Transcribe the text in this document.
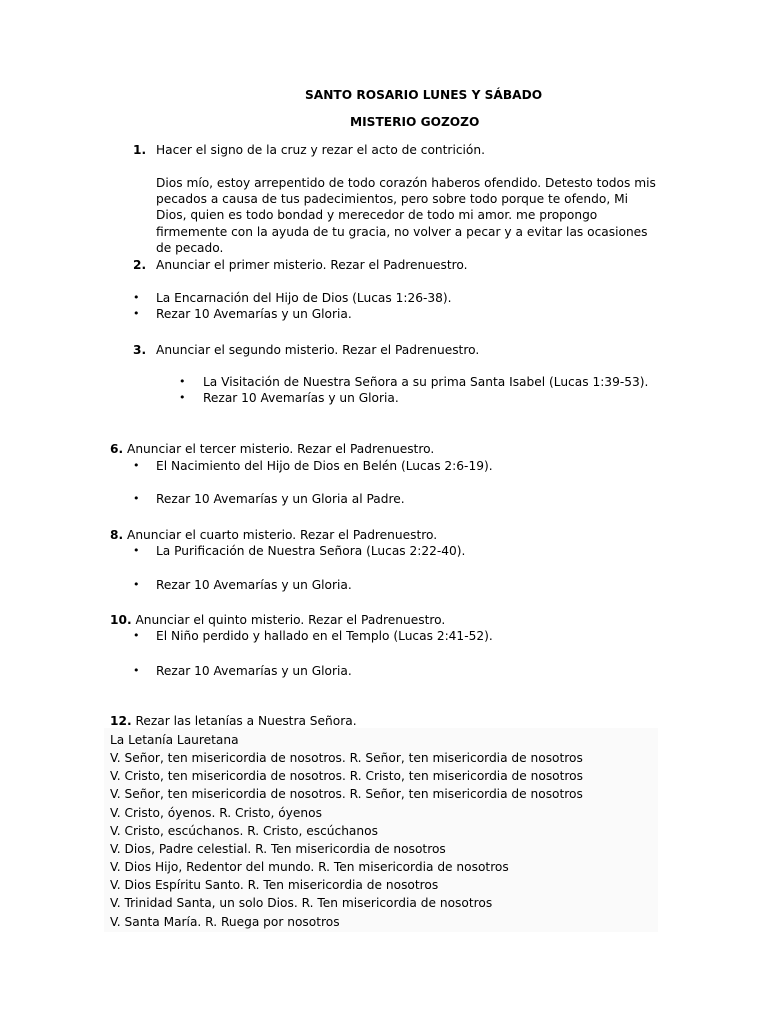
SANTO ROSARIO LUNES Y SÁBADO
MISTERIO GOZOZO
1. Hacer el signo de la cruz y rezar el acto de contrición.
Dios mío, estoy arrepentido de todo corazón haberos ofendido. Detesto todos mis pecados a causa de tus padecimientos, pero sobre todo porque te ofendo, Mi Dios, quien es todo bondad y merecedor de todo mi amor. me propongo firmemente con la ayuda de tu gracia, no volver a pecar y a evitar las ocasiones de pecado.
2. Anunciar el primer misterio. Rezar el Padrenuestro.
• La Encarnación del Hijo de Dios (Lucas 1:26-38).
• Rezar 10 Avemarías y un Gloria.
3. Anunciar el segundo misterio. Rezar el Padrenuestro.
• La Visitación de Nuestra Señora a su prima Santa Isabel (Lucas 1:39-53).
• Rezar 10 Avemarías y un Gloria.
6. Anunciar el tercer misterio. Rezar el Padrenuestro.
• El Nacimiento del Hijo de Dios en Belén (Lucas 2:6-19).
• Rezar 10 Avemarías y un Gloria al Padre.
8. Anunciar el cuarto misterio. Rezar el Padrenuestro.
• La Purificación de Nuestra Señora (Lucas 2:22-40).
• Rezar 10 Avemarías y un Gloria.
10. Anunciar el quinto misterio. Rezar el Padrenuestro.
• El Niño perdido y hallado en el Templo (Lucas 2:41-52).
• Rezar 10 Avemarías y un Gloria.
12. Rezar las letanías a Nuestra Señora.
La Letanía Lauretana
V. Señor, ten misericordia de nosotros. R. Señor, ten misericordia de nosotros
V. Cristo, ten misericordia de nosotros. R. Cristo, ten misericordia de nosotros
V. Señor, ten misericordia de nosotros. R. Señor, ten misericordia de nosotros
V. Cristo, óyenos. R. Cristo, óyenos
V. Cristo, escúchanos. R. Cristo, escúchanos
V. Dios, Padre celestial. R. Ten misericordia de nosotros
V. Dios Hijo, Redentor del mundo. R. Ten misericordia de nosotros
V. Dios Espíritu Santo. R. Ten misericordia de nosotros
V. Trinidad Santa, un solo Dios. R. Ten misericordia de nosotros
V. Santa María. R. Ruega por nosotros
